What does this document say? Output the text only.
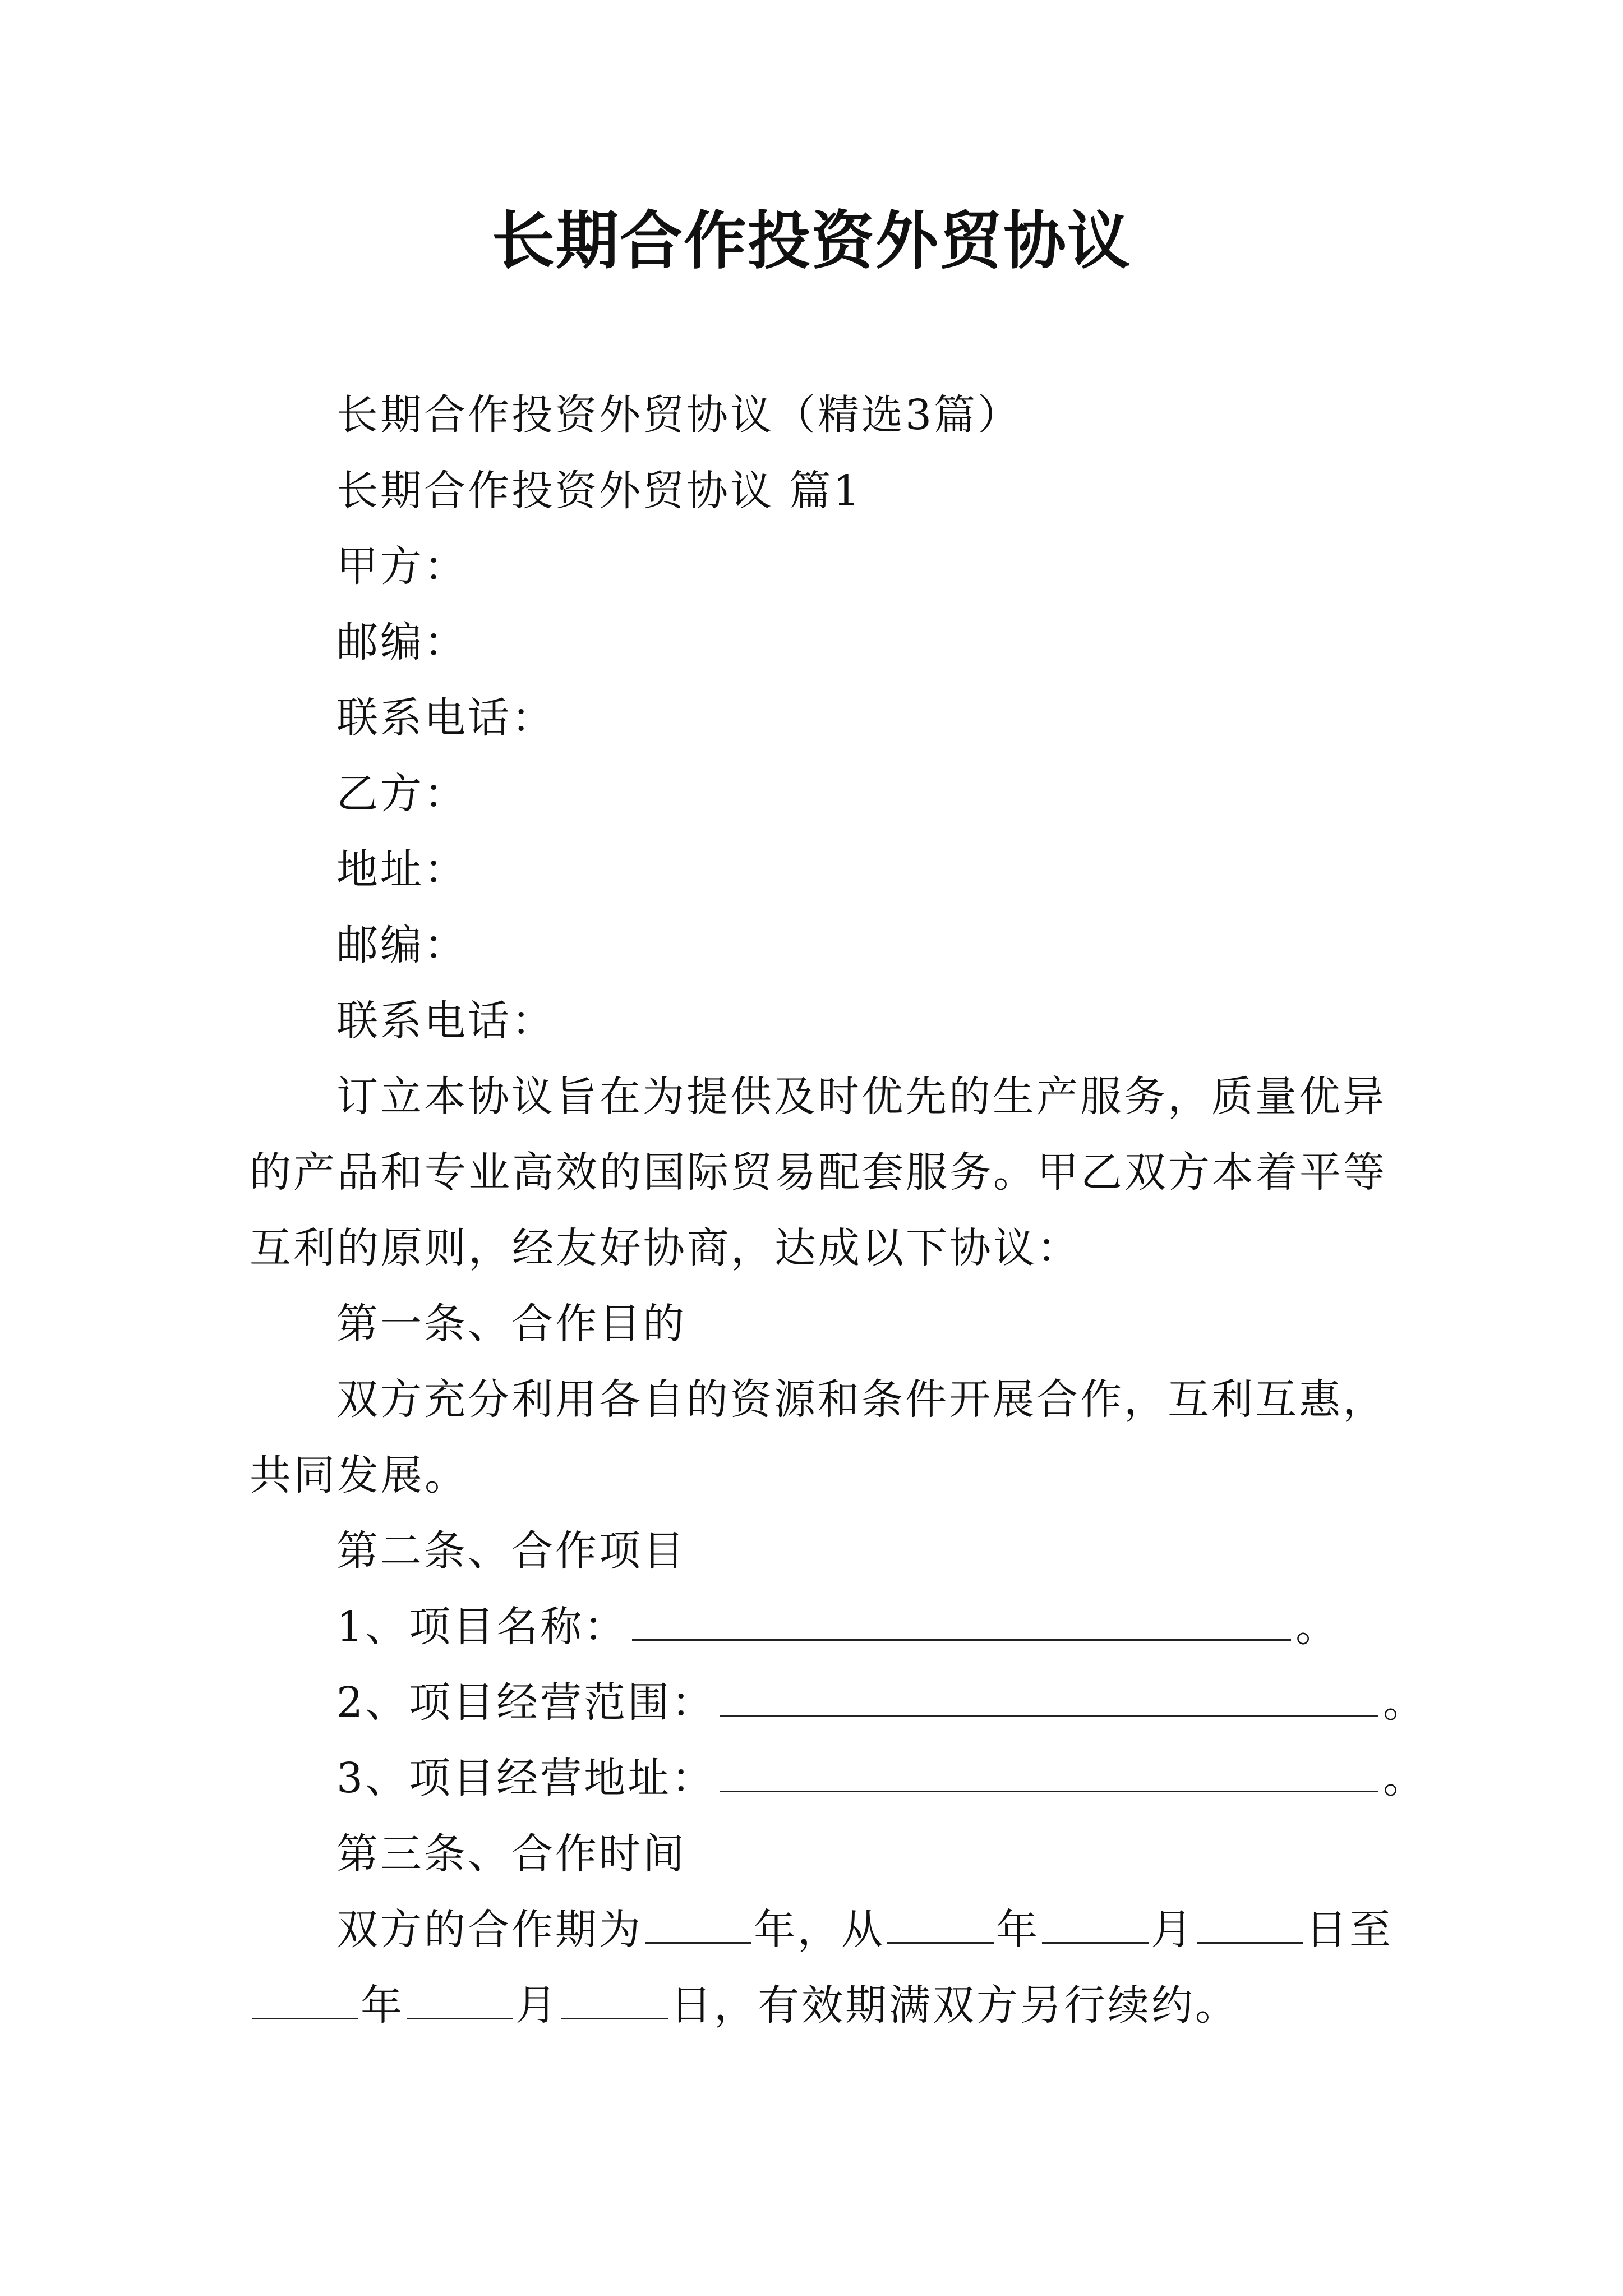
长期合作投资外贸协议
长期合作投资外贸协议（精选3篇）
长期合作投资外贸协议 篇1
甲方：
邮编：
联系电话：
乙方：
地址：
邮编：
联系电话：
订立本协议旨在为提供及时优先的生产服务，质量优异
的产品和专业高效的国际贸易配套服务。甲乙双方本着平等
互利的原则，经友好协商，达成以下协议：
第一条、合作目的
双方充分利用各自的资源和条件开展合作，互利互惠，
共同发展。
第二条、合作项目
1、项目名称：	。
2、项目经营范围：	。
3、项目经营地址：	。
第三条、合作时间
双方的合作期为	年，从	年	月	日至
年	月	日，有效期满双方另行续约。
